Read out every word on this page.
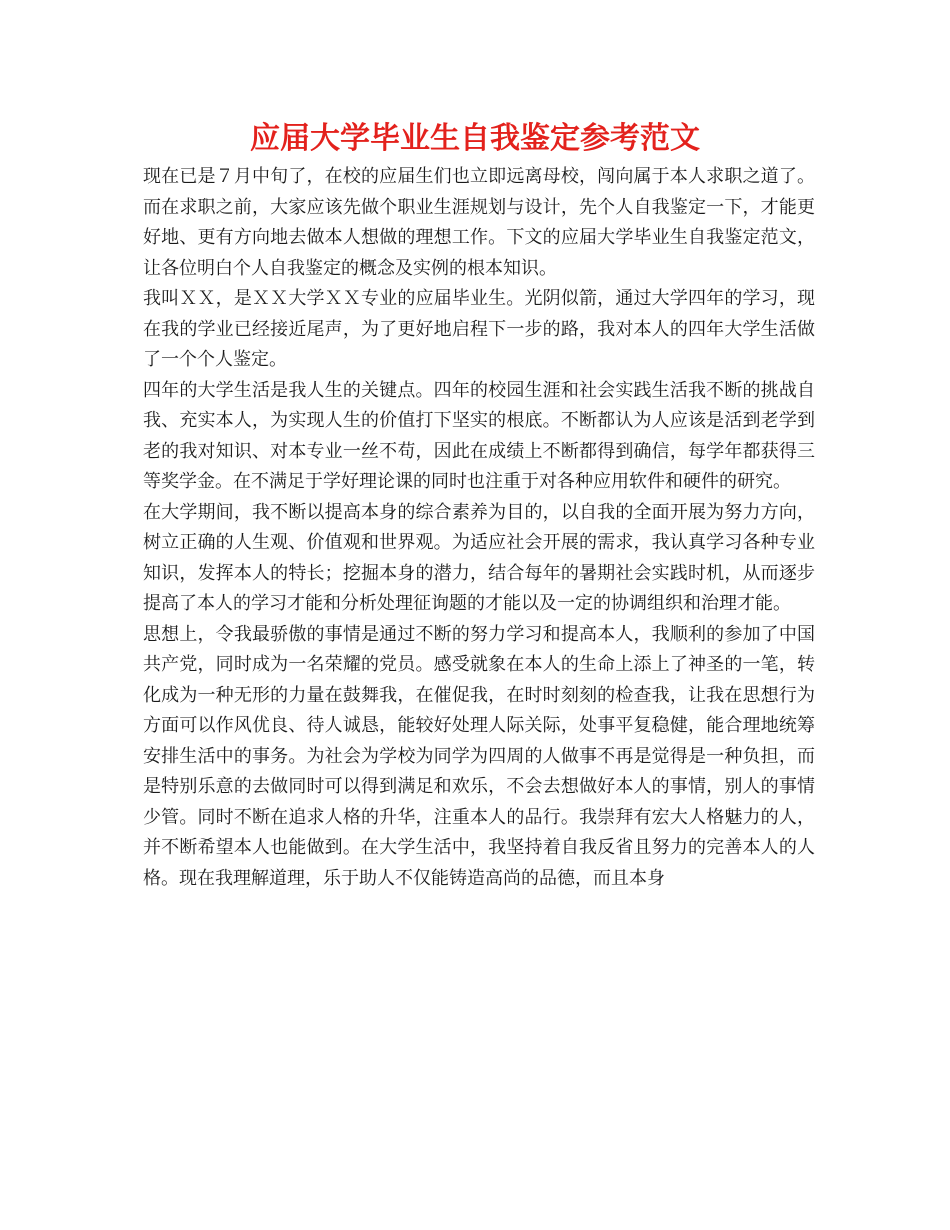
应届大学毕业生自我鉴定参考范文

现在已是７月中旬了，在校的应届生们也立即远离母校，闯向属于本人求职之道了。而在求职之前，大家应该先做个职业生涯规划与设计，先个人自我鉴定一下，才能更好地、更有方向地去做本人想做的理想工作。下文的应届大学毕业生自我鉴定范文，让各位明白个人自我鉴定的概念及实例的根本知识。

我叫ＸＸ，是ＸＸ大学ＸＸ专业的应届毕业生。光阴似箭，通过大学四年的学习，现在我的学业已经接近尾声，为了更好地启程下一步的路，我对本人的四年大学生活做了一个个人鉴定。

四年的大学生活是我人生的关键点。四年的校园生涯和社会实践生活我不断的挑战自我、充实本人，为实现人生的价值打下坚实的根底。不断都认为人应该是活到老学到老的我对知识、对本专业一丝不苟，因此在成绩上不断都得到确信，每学年都获得三等奖学金。在不满足于学好理论课的同时也注重于对各种应用软件和硬件的研究。

在大学期间，我不断以提高本身的综合素养为目的，以自我的全面开展为努力方向，树立正确的人生观、价值观和世界观。为适应社会开展的需求，我认真学习各种专业知识，发挥本人的特长；挖掘本身的潜力，结合每年的暑期社会实践时机，从而逐步提高了本人的学习才能和分析处理征询题的才能以及一定的协调组织和治理才能。

思想上，令我最骄傲的事情是通过不断的努力学习和提高本人，我顺利的参加了中国共产党，同时成为一名荣耀的党员。感受就象在本人的生命上添上了神圣的一笔，转化成为一种无形的力量在鼓舞我，在催促我，在时时刻刻的检查我，让我在思想行为方面可以作风优良、待人诚恳，能较好处理人际关际，处事平复稳健，能合理地统筹安排生活中的事务。为社会为学校为同学为四周的人做事不再是觉得是一种负担，而是特别乐意的去做同时可以得到满足和欢乐，不会去想做好本人的事情，别人的事情少管。同时不断在追求人格的升华，注重本人的品行。我崇拜有宏大人格魅力的人，并不断希望本人也能做到。在大学生活中，我坚持着自我反省且努力的完善本人的人格。现在我理解道理，乐于助人不仅能铸造高尚的品德，而且本身
